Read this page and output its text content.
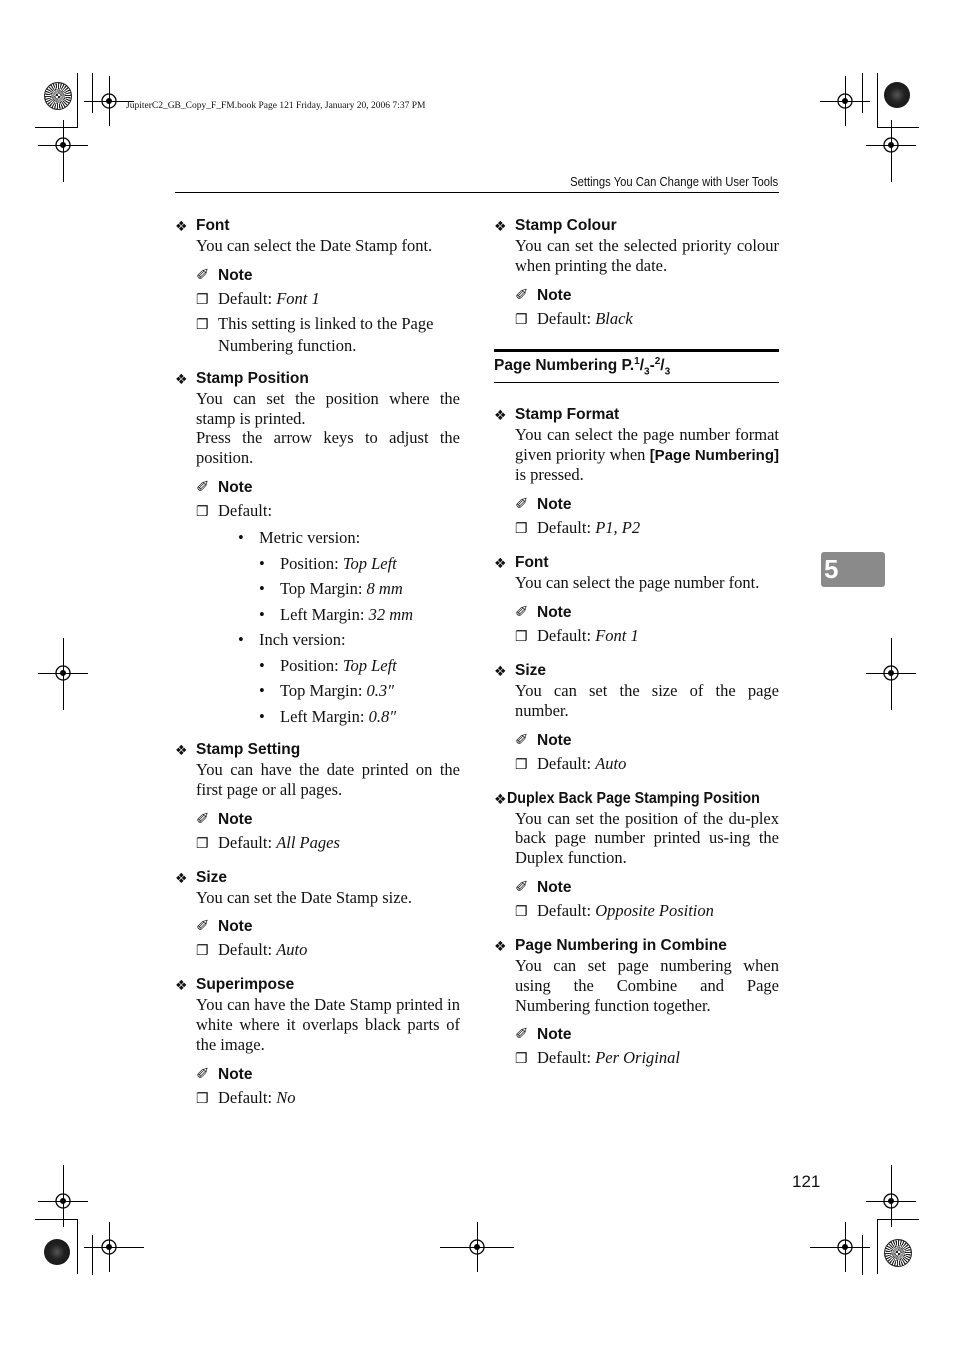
JupiterC2_GB_Copy_F_FM.book Page 121 Friday, January 20, 2006 7:37 PM
Settings You Can Change with User Tools
5
121
❖ Font
You can select the Date Stamp font.
✐ Note
❐ Default: Font 1
❐ This setting is linked to the Page Numbering function.
❖ Stamp Position
You can set the position where the stamp is printed.
Press the arrow keys to adjust the position.
✐ Note
❐ Default:
• Metric version:
• Position: Top Left
• Top Margin: 8 mm
• Left Margin: 32 mm
• Inch version:
• Position: Top Left
• Top Margin: 0.3″
• Left Margin: 0.8″
❖ Stamp Setting
You can have the date printed on the first page or all pages.
✐ Note
❐ Default: All Pages
❖ Size
You can set the Date Stamp size.
✐ Note
❐ Default: Auto
❖ Superimpose
You can have the Date Stamp printed in white where it overlaps black parts of the image.
✐ Note
❐ Default: No
❖ Stamp Colour
You can set the selected priority colour when printing the date.
✐ Note
❐ Default: Black
Page Numbering $P.^1/_3-^2/_3$
❖ Stamp Format
You can select the page number format given priority when [Page Numbering] is pressed.
✐ Note
❐ Default: P1, P2
❖ Font
You can select the page number font.
✐ Note
❐ Default: Font 1
❖ Size
You can set the size of the page number.
✐ Note
❐ Default: Auto
❖ Duplex Back Page Stamping Position
You can set the position of the du-plex back page number printed us-ing the Duplex function.
✐ Note
❐ Default: Opposite Position
❖ Page Numbering in Combine
You can set page numbering when using the Combine and Page Numbering function together.
✐ Note
❐ Default: Per Original
